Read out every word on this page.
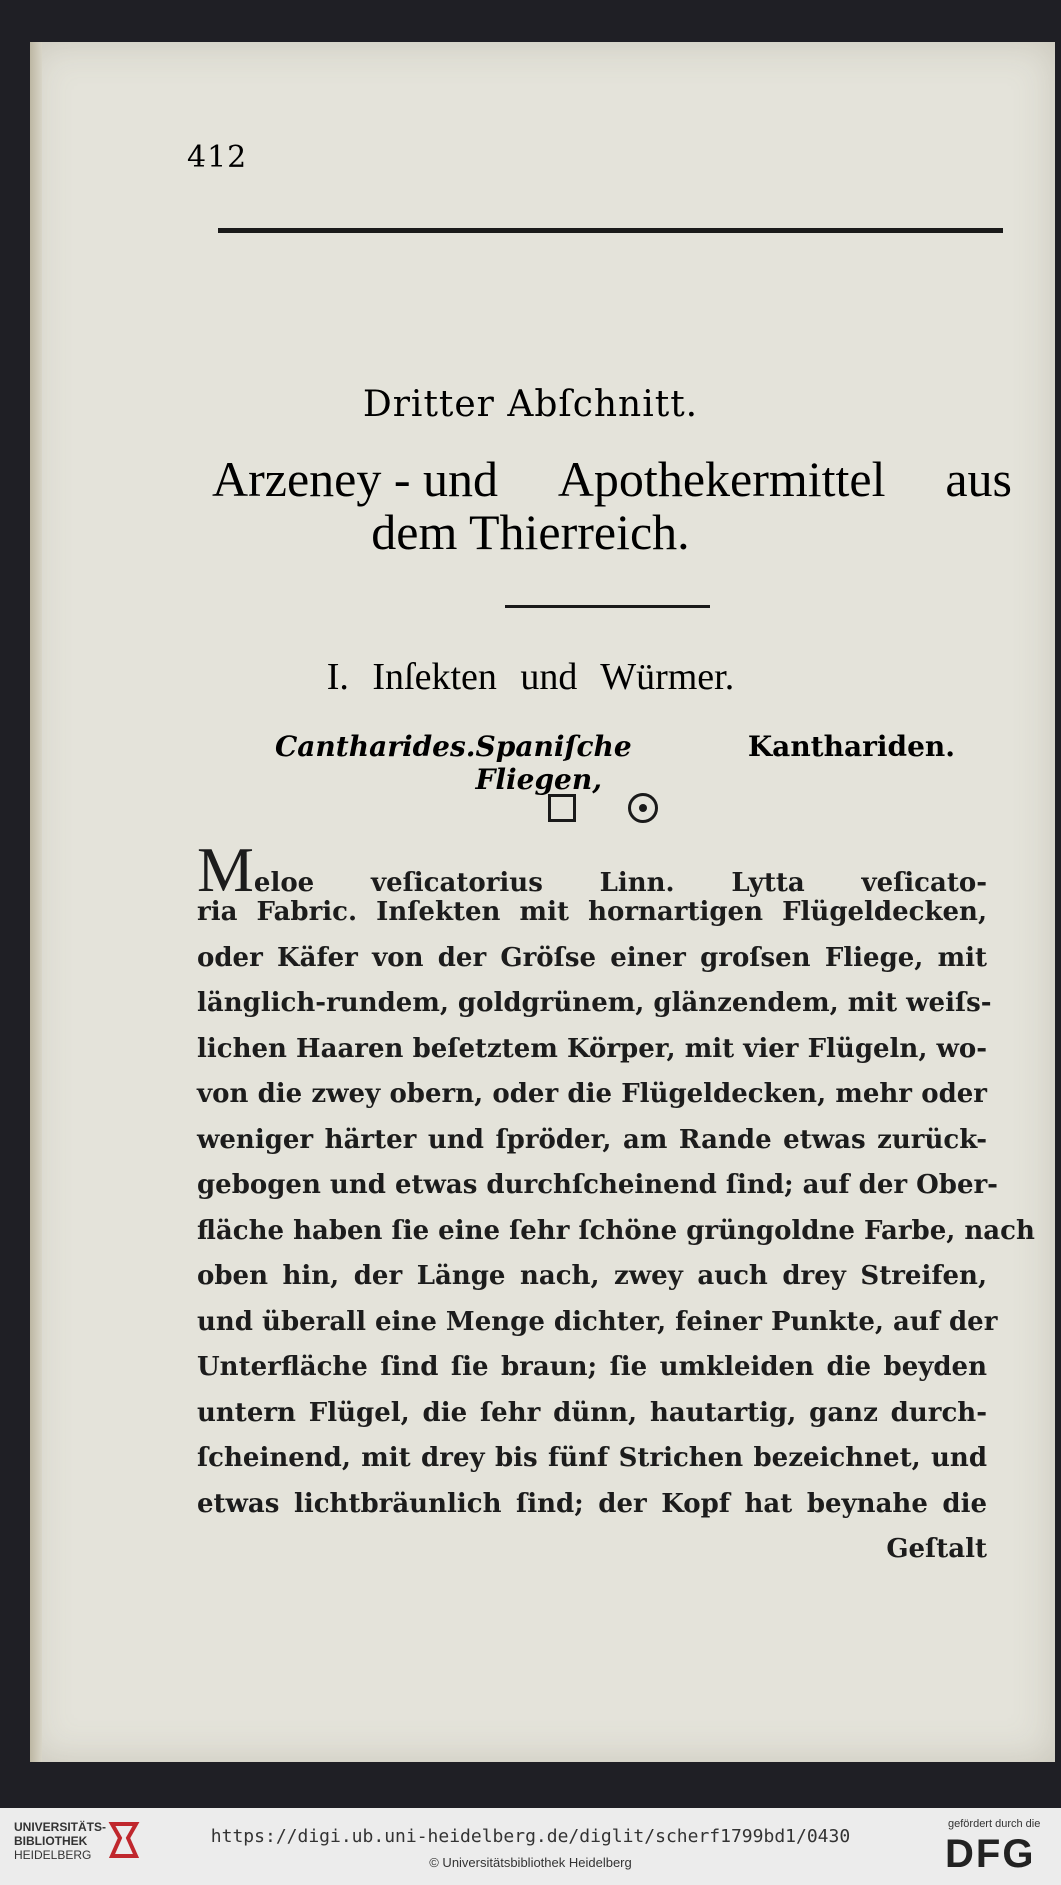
412
Dritter Abſchnitt.
Arzeney - und Apothekermittel aus
dem Thierreich.
I. Inſekten und Würmer.
Cantharides. Spaniſche Fliegen,
Kanthariden.
Meloe veſicatorius Linn. Lytta veſicato-
ria Fabric. Inſekten mit hornartigen Flügeldecken,
oder Käfer von der Gröſse einer groſsen Fliege, mit
länglich-rundem, goldgrünem, glänzendem, mit weiſs-
lichen Haaren beſetztem Körper, mit vier Flügeln, wo-
von die zwey obern, oder die Flügeldecken, mehr oder
weniger härter und ſpröder, am Rande etwas zurück-
gebogen und etwas durchſcheinend ſind; auf der Ober-
fläche haben ſie eine ſehr ſchöne grüngoldne Farbe, nach
oben hin, der Länge nach, zwey auch drey Streifen,
und überall eine Menge dichter, feiner Punkte, auf der
Unterfläche ſind ſie braun; ſie umkleiden die beyden
untern Flügel, die ſehr dünn, hautartig, ganz durch-
ſcheinend, mit drey bis fünf Strichen bezeichnet, und
etwas lichtbräunlich ſind; der Kopf hat beynahe die
Geſtalt
UNIVERSITÄTS-
BIBLIOTHEK
HEIDELBERG
https://digi.ub.uni-heidelberg.de/diglit/scherf1799bd1/0430
© Universitätsbibliothek Heidelberg
gefördert durch die
DFG
